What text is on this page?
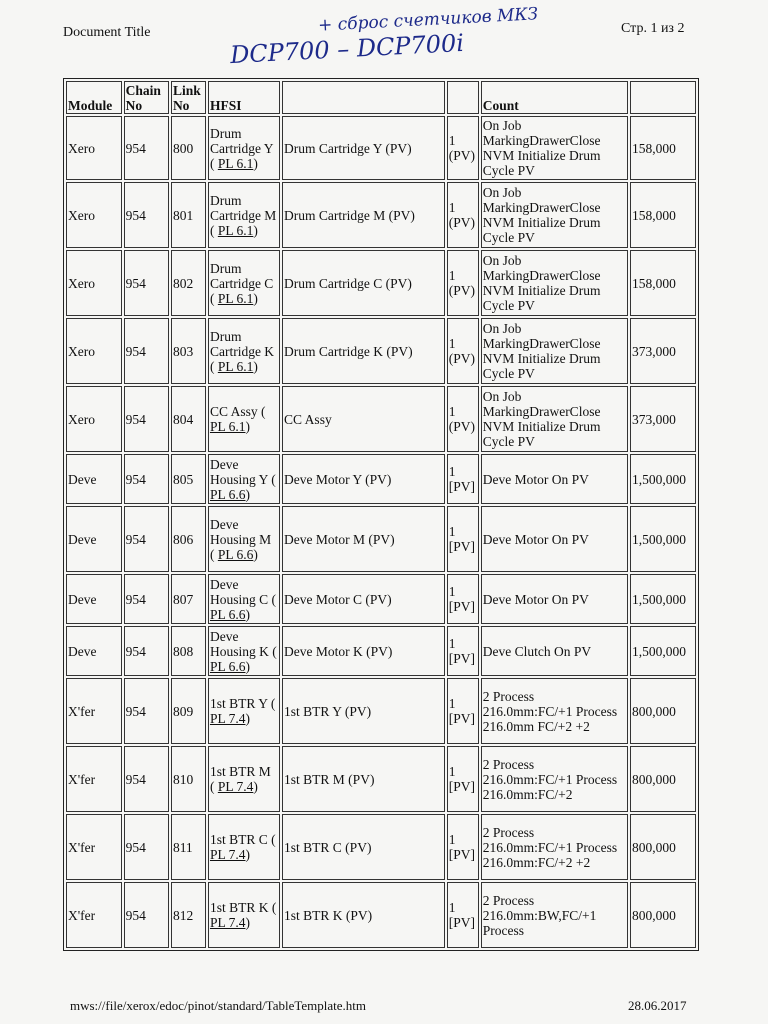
Document Title	+ сброс счетчиков МКЗ
DCP700 – DCP700i
Стр. 1 из 2
Module	Chain No	Link No	HFSI			Count	
Xero	954	800	Drum Cartridge Y ( PL 6.1)	Drum Cartridge Y (PV)	1 (PV)	On Job MarkingDrawerClose NVM Initialize Drum Cycle PV	158,000
Xero	954	801	Drum Cartridge M ( PL 6.1)	Drum Cartridge M (PV)	1 (PV)	On Job MarkingDrawerClose NVM Initialize Drum Cycle PV	158,000
Xero	954	802	Drum Cartridge C ( PL 6.1)	Drum Cartridge C (PV)	1 (PV)	On Job MarkingDrawerClose NVM Initialize Drum Cycle PV	158,000
Xero	954	803	Drum Cartridge K ( PL 6.1)	Drum Cartridge K (PV)	1 (PV)	On Job MarkingDrawerClose NVM Initialize Drum Cycle PV	373,000
Xero	954	804	CC Assy ( PL 6.1)	CC Assy	1 (PV)	On Job MarkingDrawerClose NVM Initialize Drum Cycle PV	373,000
Deve	954	805	Deve Housing Y ( PL 6.6)	Deve Motor Y (PV)	1 [PV]	Deve Motor On PV	1,500,000
Deve	954	806	Deve Housing M ( PL 6.6)	Deve Motor M (PV)	1 [PV]	Deve Motor On PV	1,500,000
Deve	954	807	Deve Housing C ( PL 6.6)	Deve Motor C (PV)	1 [PV]	Deve Motor On PV	1,500,000
Deve	954	808	Deve Housing K ( PL 6.6)	Deve Motor K (PV)	1 [PV]	Deve Clutch On PV	1,500,000
X'fer	954	809	1st BTR Y ( PL 7.4)	1st BTR Y (PV)	1 [PV]	2 Process 216.0mm:FC/+1 Process 216.0mm FC/+2 +2	800,000
X'fer	954	810	1st BTR M ( PL 7.4)	1st BTR M (PV)	1 [PV]	2 Process 216.0mm:FC/+1 Process 216.0mm:FC/+2	800,000
X'fer	954	811	1st BTR C ( PL 7.4)	1st BTR C (PV)	1 [PV]	2 Process 216.0mm:FC/+1 Process 216.0mm:FC/+2 +2	800,000
X'fer	954	812	1st BTR K ( PL 7.4)	1st BTR K (PV)	1 [PV]	2 Process 216.0mm:BW,FC/+1 Process	800,000
mws://file/xerox/edoc/pinot/standard/TableTemplate.htm	28.06.2017
